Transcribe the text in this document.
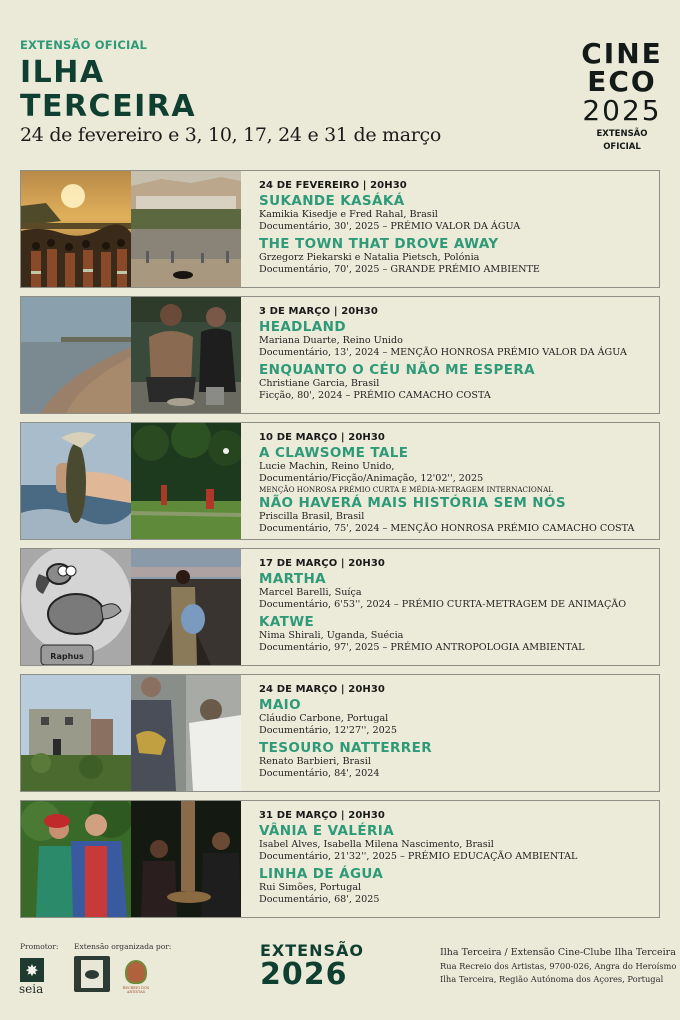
EXTENSÃO OFICIAL
ILHA
TERCEIRA
24 de fevereiro e 3, 10, 17, 24 e 31 de março
CINE
ECO
2025
EXTENSÃO
OFICIAL
24 DE FEVEREIRO | 20H30
SUKANDE KASÁKÁ
Kamikia Kisedje e Fred Rahal, Brasil
Documentário, 30', 2025 – PRÉMIO VALOR DA ÁGUA
THE TOWN THAT DROVE AWAY
Grzegorz Piekarski e Natalia Pietsch, Polónia
Documentário, 70', 2025 – GRANDE PRÉMIO AMBIENTE
3 DE MARÇO | 20H30
HEADLAND
Mariana Duarte, Reino Unido
Documentário, 13', 2024 – MENÇÃO HONROSA PRÉMIO VALOR DA ÁGUA
ENQUANTO O CÉU NÃO ME ESPERA
Christiane Garcia, Brasil
Ficção, 80', 2024 – PRÉMIO CAMACHO COSTA
10 DE MARÇO | 20H30
A CLAWSOME TALE
Lucie Machin, Reino Unido,
Documentário/Ficção/Animação, 12'02'', 2025
MENÇÃO HONROSA PRÉMIO CURTA E MÉDIA-METRAGEM INTERNACIONAL
NÃO HAVERÁ MAIS HISTÓRIA SEM NÓS
Priscilla Brasil, Brasil
Documentário, 75', 2024 – MENÇÃO HONROSA PRÉMIO CAMACHO COSTA
Raphus
17 DE MARÇO | 20H30
MARTHA
Marcel Barelli, Suíça
Documentário, 6'53'', 2024 – PRÉMIO CURTA-METRAGEM DE ANIMAÇÃO
KATWE
Nima Shirali, Uganda, Suécia
Documentário, 97', 2025 – PRÉMIO ANTROPOLOGIA AMBIENTAL
24 DE MARÇO | 20H30
MAIO
Cláudio Carbone, Portugal
Documentário, 12'27'', 2025
TESOURO NATTERRER
Renato Barbieri, Brasil
Documentário, 84', 2024
31 DE MARÇO | 20H30
VÂNIA E VALÉRIA
Isabel Alves, Isabella Milena Nascimento, Brasil
Documentário, 21'32'', 2025 – PRÉMIO EDUCAÇÃO AMBIENTAL
LINHA DE ÁGUA
Rui Simões, Portugal
Documentário, 68', 2025
Promotor: Extensão organizada por:
✸
seia	RECREIO DOS ARTISTAS
EXTENSÃO
2026
Ilha Terceira / Extensão Cine-Clube Ilha Terceira
Rua Recreio dos Artistas, 9700-026, Angra do Heroísmo
Ilha Terceira, Região Autónoma dos Açores, Portugal
